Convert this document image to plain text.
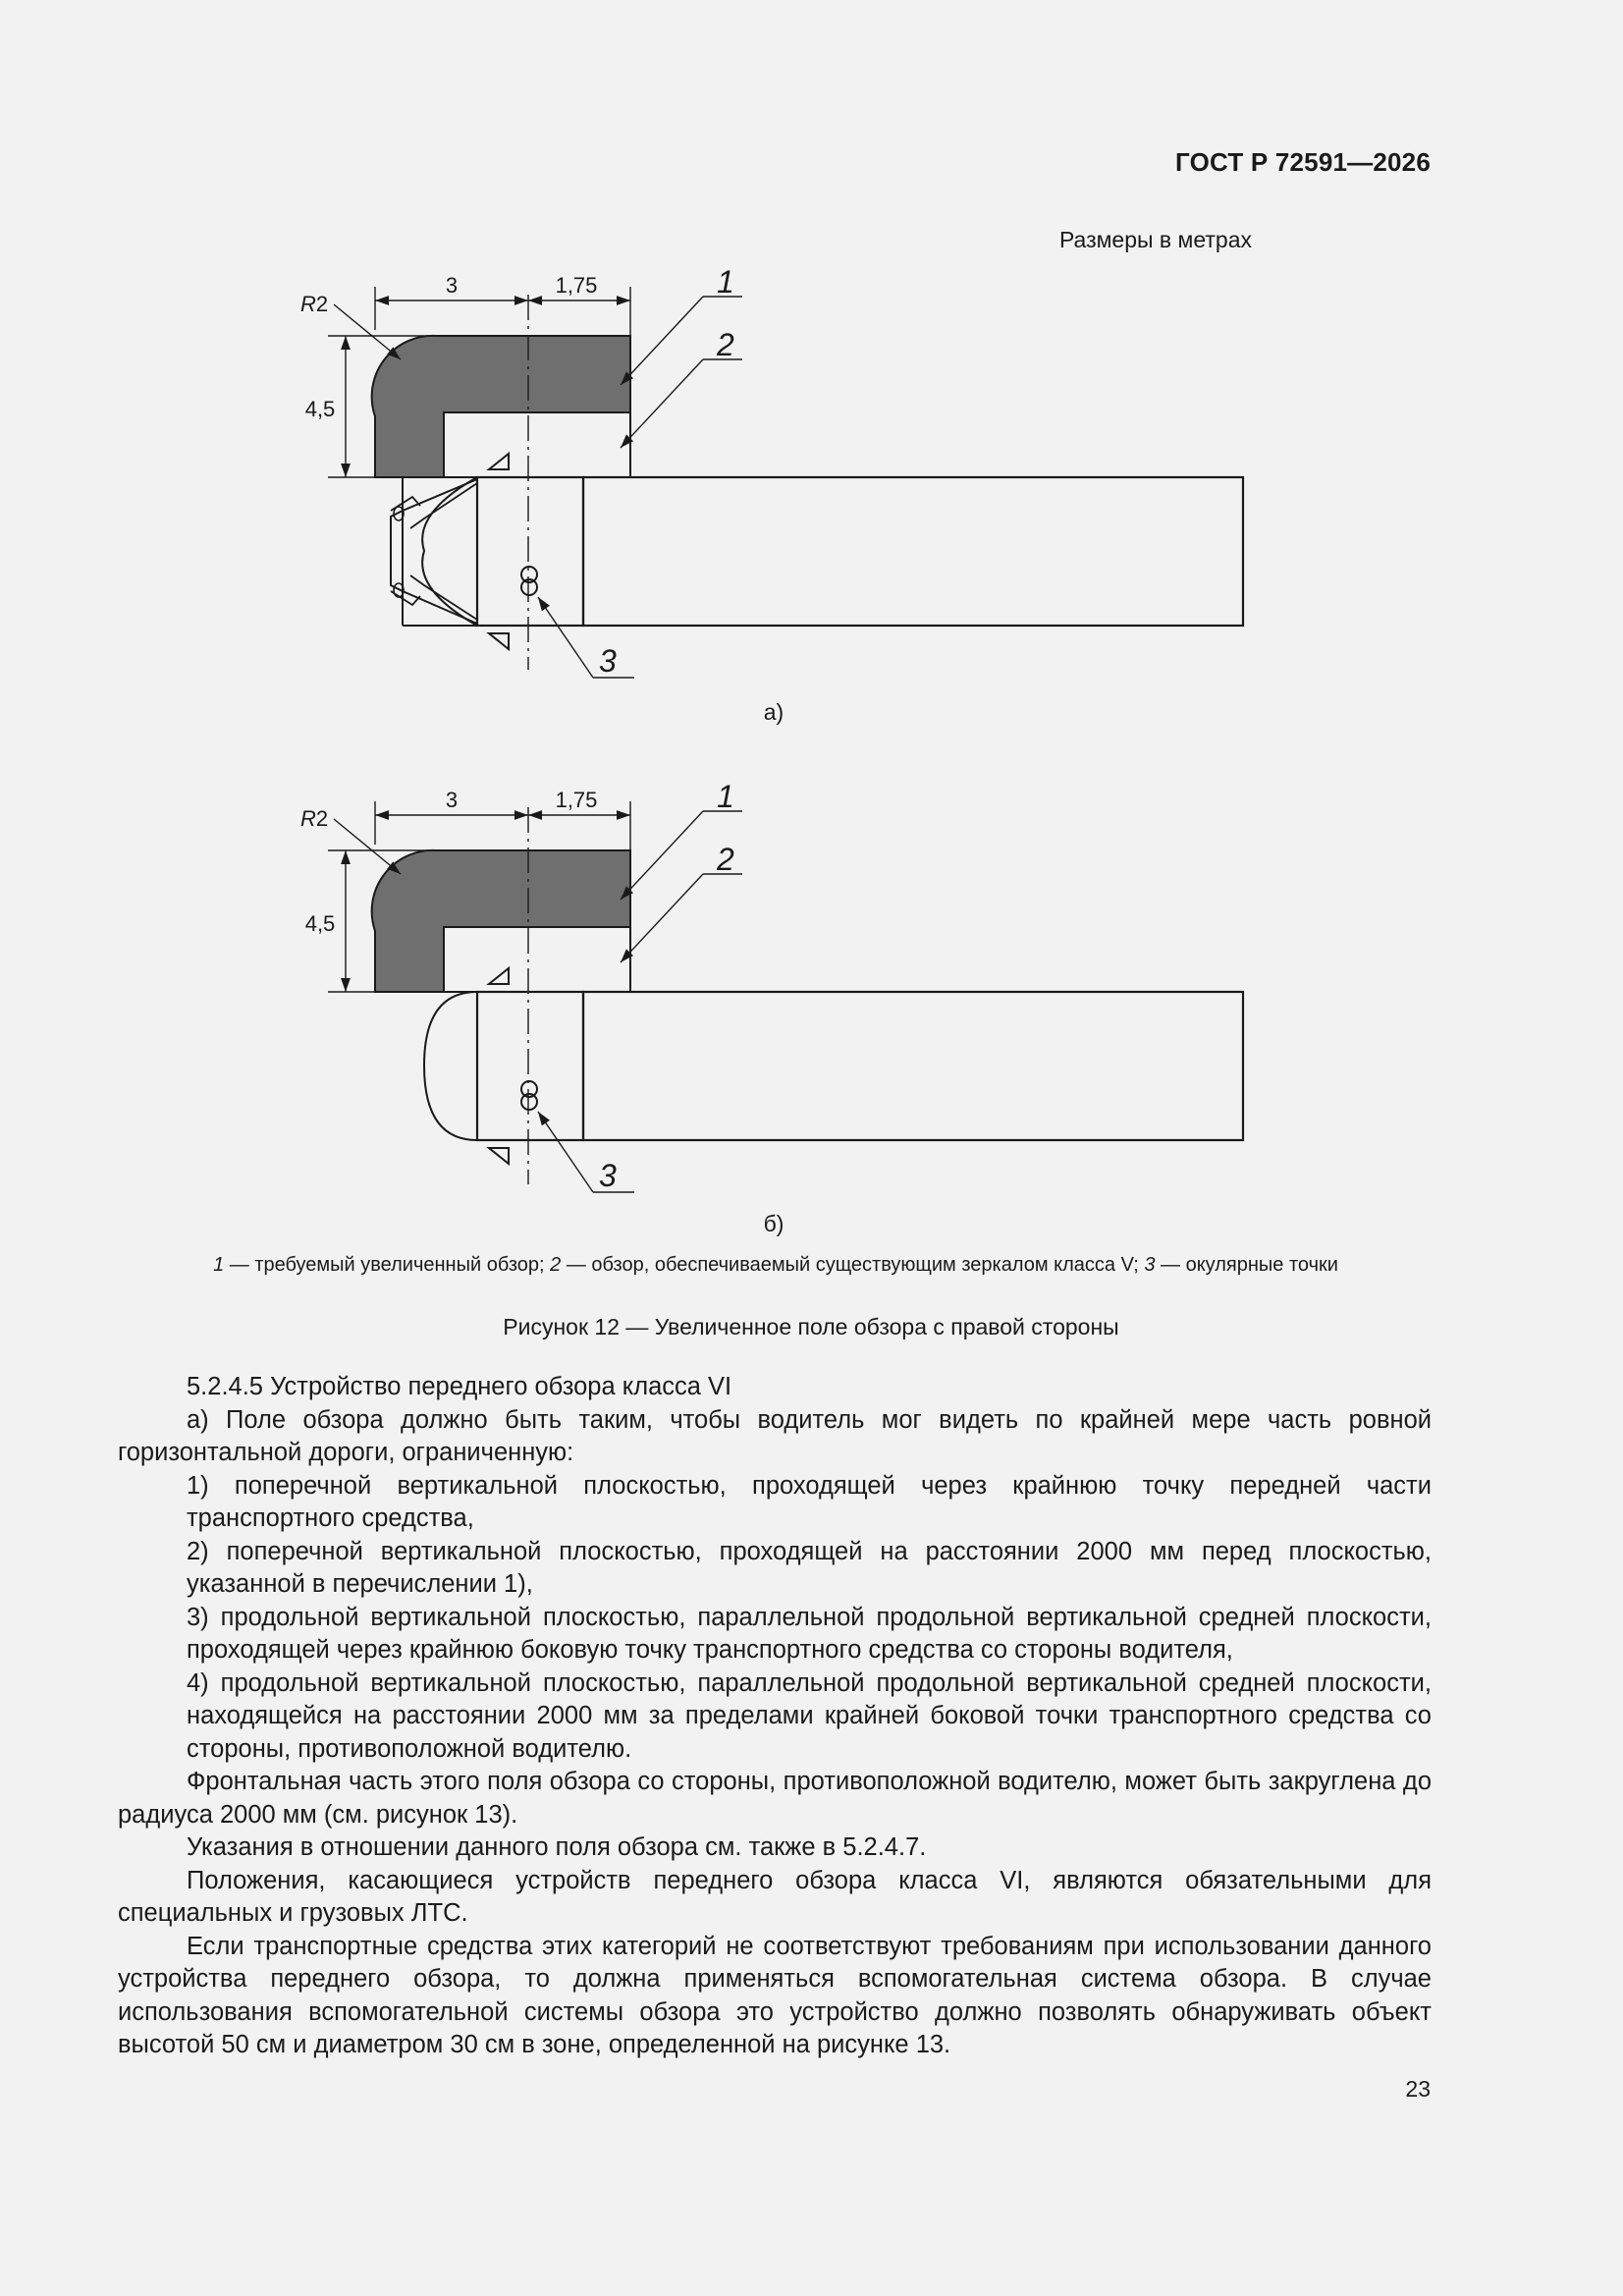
ГОСТ Р 72591—2026
Размеры в метрах
3	1,75
4,5
R2
1
2
3
а)
3	1,75
4,5
R2
1
2
3
б)
1 — требуемый увеличенный обзор; 2 — обзор, обеспечиваемый существующим зеркалом класса V; 3 — окулярные точки
Рисунок 12 — Увеличенное поле обзора с правой стороны

5.2.4.5 Устройство переднего обзора класса VI

а) Поле обзора должно быть таким, чтобы водитель мог видеть по крайней мере часть ровной горизонтальной дороги, ограниченную:

1) поперечной вертикальной плоскостью, проходящей через крайнюю точку передней части транспортного средства,

2) поперечной вертикальной плоскостью, проходящей на расстоянии 2000 мм перед плоскостью, указанной в перечислении 1),

3) продольной вертикальной плоскостью, параллельной продольной вертикальной средней плоскости, проходящей через крайнюю боковую точку транспортного средства со стороны водителя,

4) продольной вертикальной плоскостью, параллельной продольной вертикальной средней плоскости, находящейся на расстоянии 2000 мм за пределами крайней боковой точки транспортного средства со стороны, противоположной водителю.

Фронтальная часть этого поля обзора со стороны, противоположной водителю, может быть закруглена до радиуса 2000 мм (см. рисунок 13).

Указания в отношении данного поля обзора см. также в 5.2.4.7.

Положения, касающиеся устройств переднего обзора класса VI, являются обязательными для специальных и грузовых ЛТС.

Если транспортные средства этих категорий не соответствуют требованиям при использовании данного устройства переднего обзора, то должна применяться вспомогательная система обзора. В случае использования вспомогательной системы обзора это устройство должно позволять обнаруживать объект высотой 50 см и диаметром 30 см в зоне, определенной на рисунке 13.

23
